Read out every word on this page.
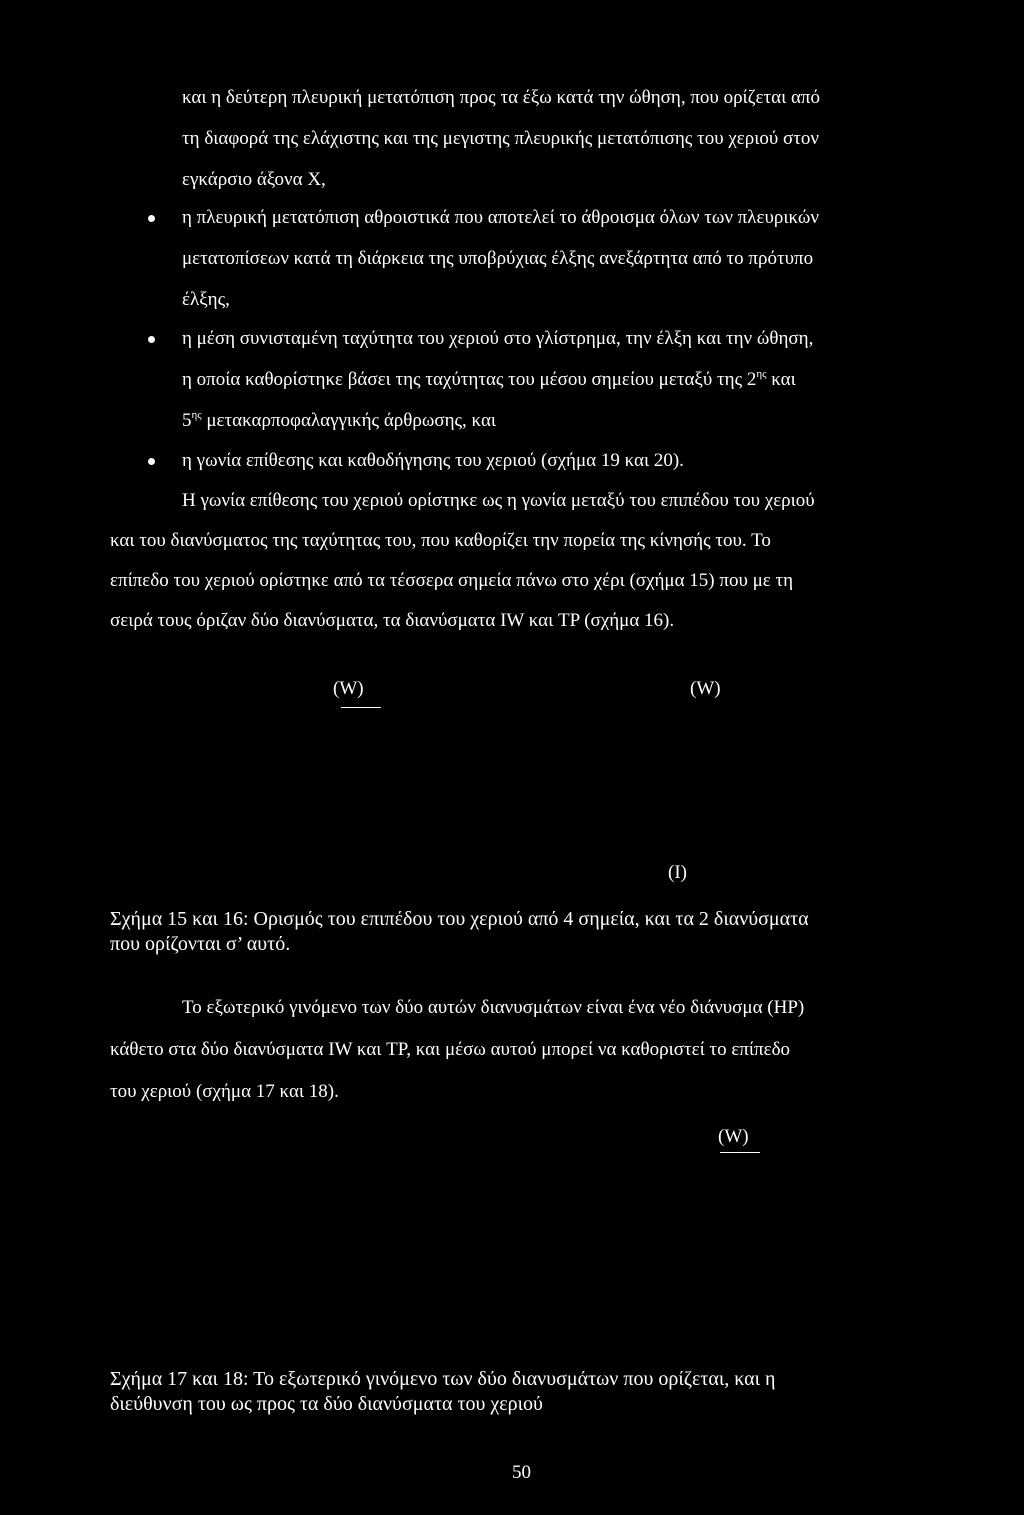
και η δεύτερη πλευρική μετατόπιση προς τα έξω κατά την ώθηση, που ορίζεται από
τη διαφορά της ελάχιστης και της μεγιστης πλευρικής μετατόπισης του χεριού στον
εγκάρσιο άξονα X,
η πλευρική μετατόπιση αθροιστικά που αποτελεί το άθροισμα όλων των πλευρικών
μετατοπίσεων κατά τη διάρκεια της υποβρύχιας έλξης ανεξάρτητα από το πρότυπο
έλξης,
η μέση συνισταμένη ταχύτητα του χεριού στο γλίστρημα, την έλξη και την ώθηση,
η οποία καθορίστηκε βάσει της ταχύτητας του μέσου σημείου μεταξύ της $2^{\eta\varsigma}$ και
$5^{\eta\varsigma}$ μετακαρποφαλαγγικής άρθρωσης, και
η γωνία επίθεσης και καθοδήγησης του χεριού (σχήμα 19 και 20).
Η γωνία επίθεσης του χεριού ορίστηκε ως η γωνία μεταξύ του επιπέδου του χεριού
και του διανύσματος της ταχύτητας του, που καθορίζει την πορεία της κίνησής του. Το
επίπεδο του χεριού ορίστηκε από τα τέσσερα σημεία πάνω στο χέρι (σχήμα 15) που με τη
σειρά τους όριζαν δύο διανύσματα, τα διανύσματα IW και TP (σχήμα 16).
(W)	(W)
(I)
Σχήμα 15 και 16: Ορισμός του επιπέδου του χεριού από 4 σημεία, και τα 2 διανύσματα
που ορίζονται σ’ αυτό.
Το εξωτερικό γινόμενο των δύο αυτών διανυσμάτων είναι ένα νέο διάνυσμα (HP)
κάθετο στα δύο διανύσματα IW και TP, και μέσω αυτού μπορεί να καθοριστεί το επίπεδο
του χεριού (σχήμα 17 και 18).
(W)
Σχήμα 17 και 18: Το εξωτερικό γινόμενο των δύο διανυσμάτων που ορίζεται, και η
διεύθυνση του ως προς τα δύο διανύσματα του χεριού
50
